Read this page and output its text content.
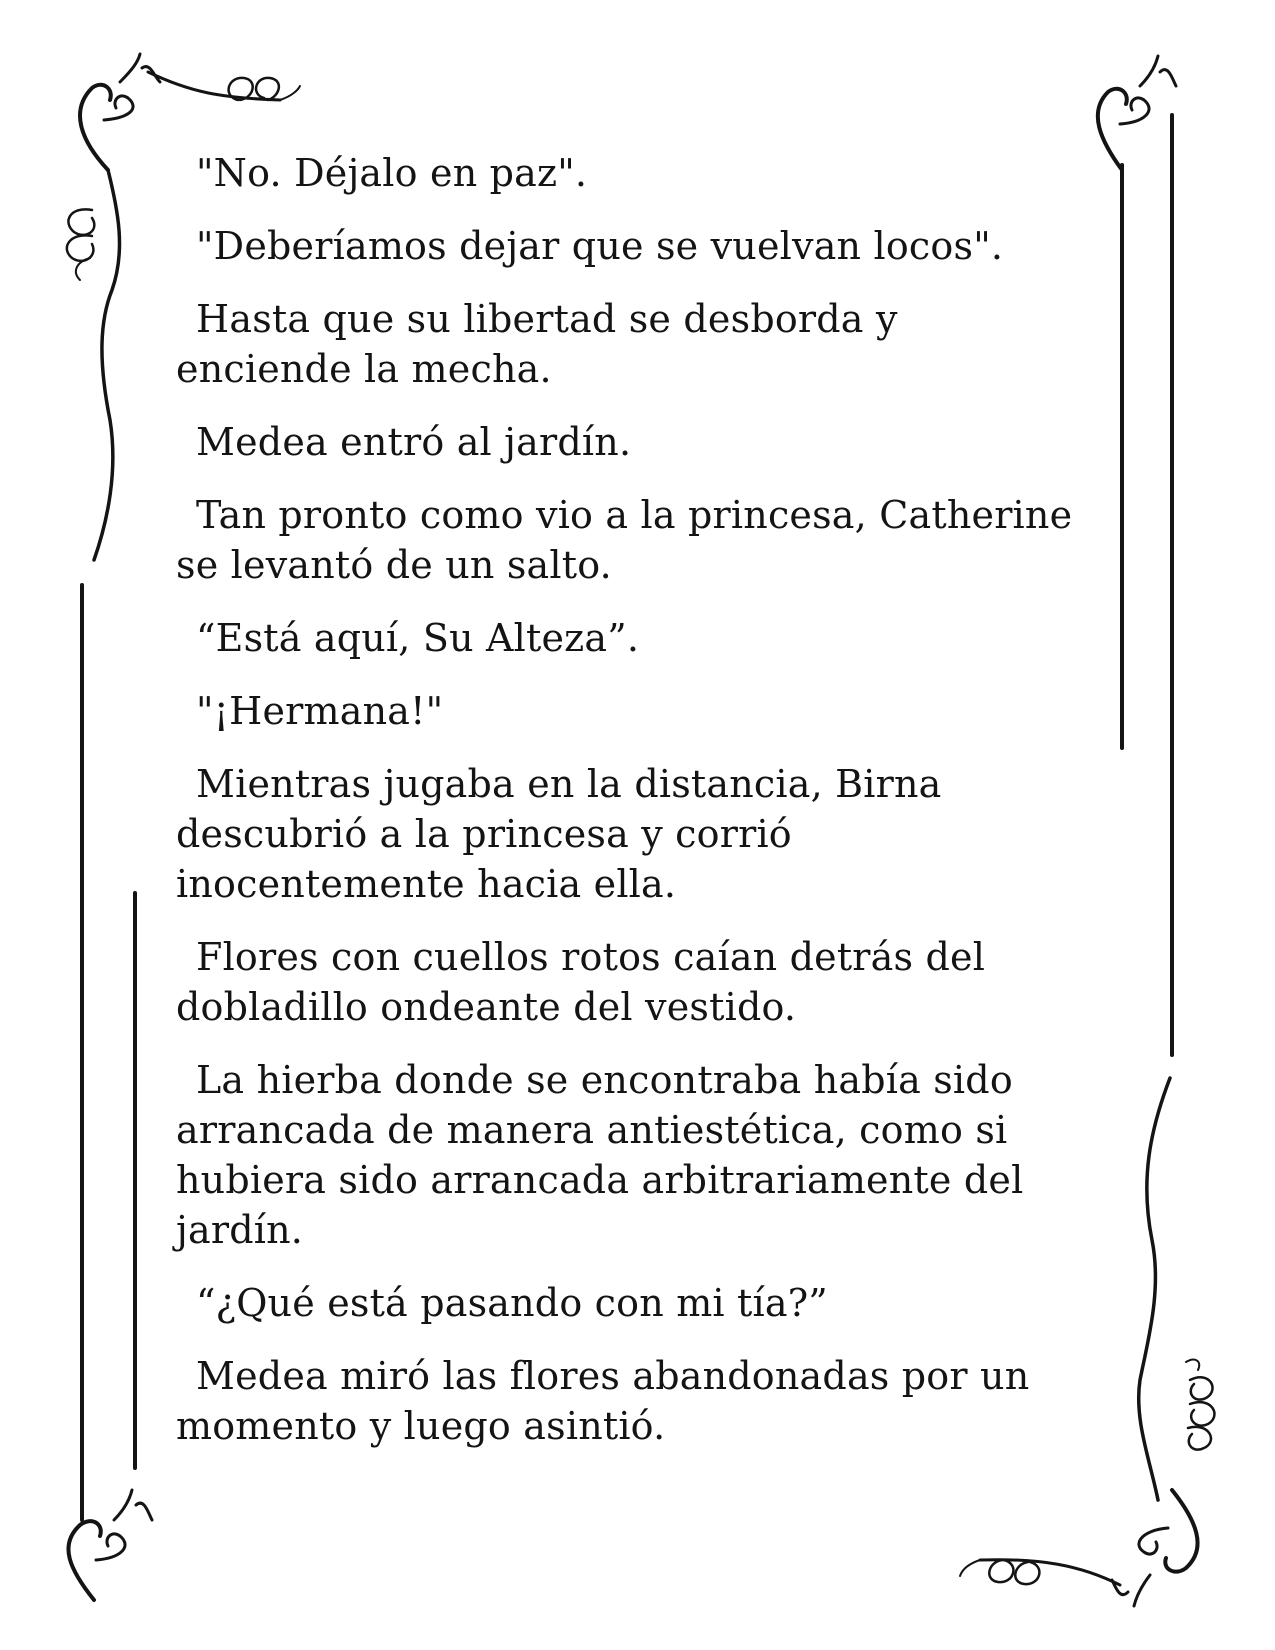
"No. Déjalo en paz".

"Deberíamos dejar que se vuelvan locos".

Hasta que su libertad se desborda y enciende la mecha.

Medea entró al jardín.

Tan pronto como vio a la princesa, Catherine se levantó de un salto.

“Está aquí, Su Alteza”.

"¡Hermana!"

Mientras jugaba en la distancia, Birna descubrió a la princesa y corrió inocentemente hacia ella.

Flores con cuellos rotos caían detrás del dobladillo ondeante del vestido.

La hierba donde se encontraba había sido arrancada de manera antiestética, como si hubiera sido arrancada arbitrariamente del jardín.

“¿Qué está pasando con mi tía?”

Medea miró las flores abandonadas por un momento y luego asintió.
